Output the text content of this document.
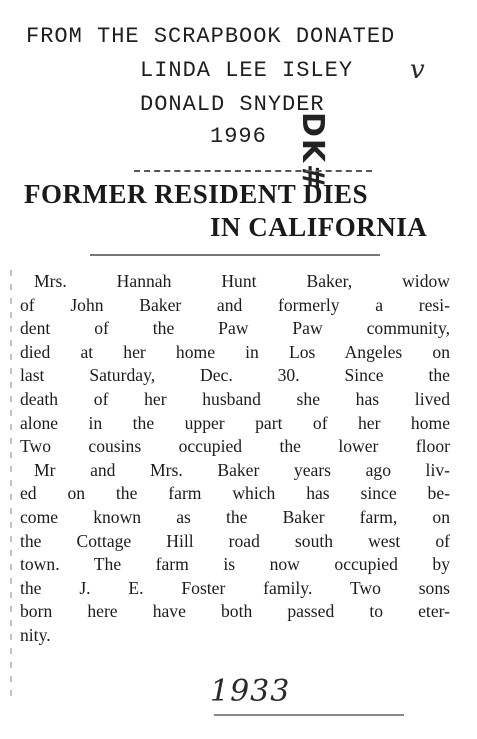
FROM THE SCRAPBOOK DONATED
LINDA LEE ISLEY
DONALD SNYDER
1996
v
DK#
FORMER RESIDENT DIES
IN CALIFORNIA
Mrs. Hannah Hunt Baker, widow
of John Baker and formerly a resi-
dent of the Paw Paw community,
died at her home in Los Angeles on
last Saturday, Dec. 30. Since the
death of her husband she has lived
alone in the upper part of her home
Two cousins occupied the lower floor
Mr and Mrs. Baker years ago liv-
ed on the farm which has since be-
come known as the Baker farm, on
the Cottage Hill road south west of
town. The farm is now occupied by
the J. E. Foster family. Two sons
born here have both passed to eter-
nity.
1933
